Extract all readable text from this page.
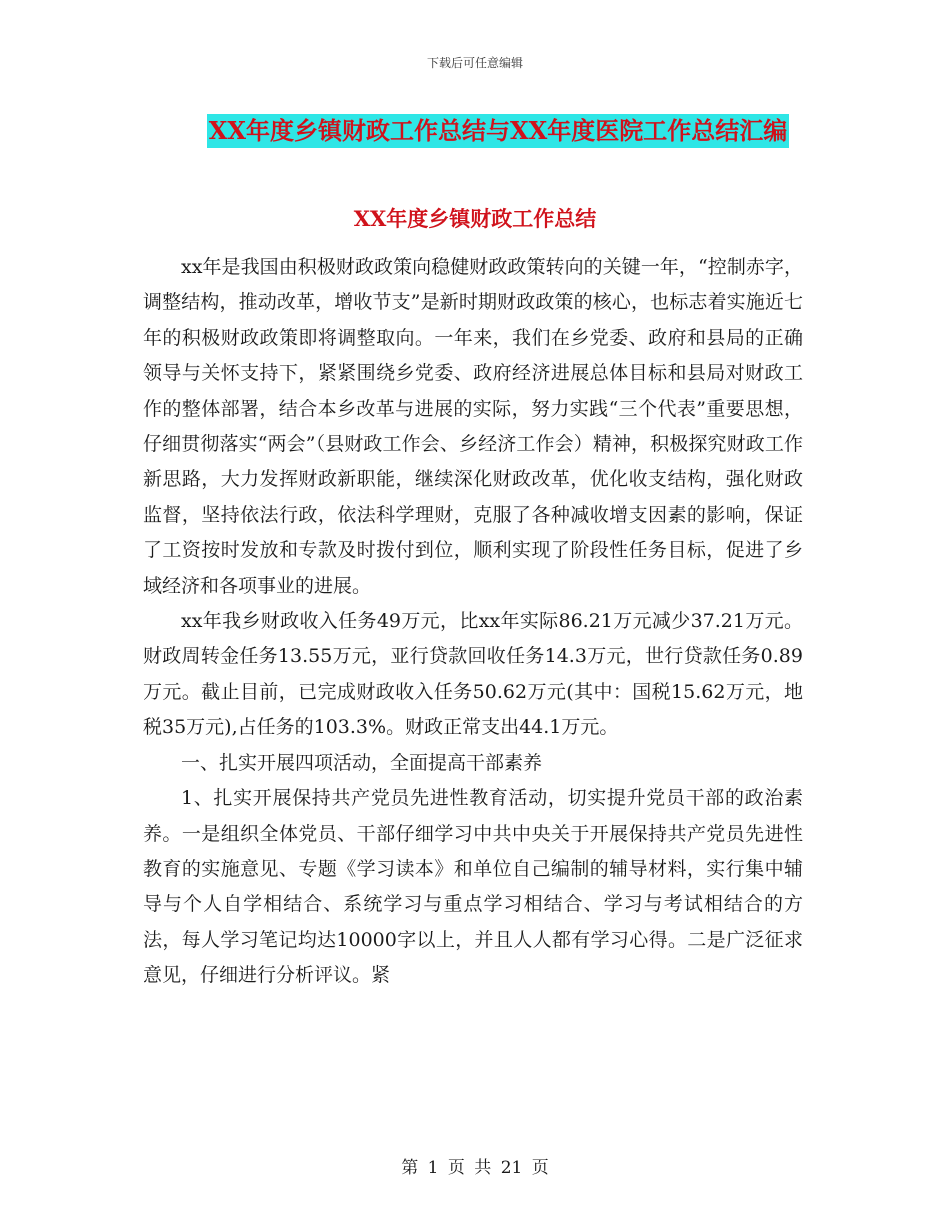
下载后可任意编辑
XX年度乡镇财政工作总结与XX年度医院工作总结汇编
XX年度乡镇财政工作总结

xx年是我国由积极财政政策向稳健财政政策转向的关键一年，“控制赤字，调整结构，推动改革，增收节支”是新时期财政政策的核心，也标志着实施近七年的积极财政政策即将调整取向。一年来，我们在乡党委、政府和县局的正确领导与关怀支持下，紧紧围绕乡党委、政府经济进展总体目标和县局对财政工作的整体部署，结合本乡改革与进展的实际，努力实践“三个代表”重要思想，仔细贯彻落实“两会”（县财政工作会、乡经济工作会）精神，积极探究财政工作新思路，大力发挥财政新职能，继续深化财政改革，优化收支结构，强化财政监督，坚持依法行政，依法科学理财，克服了各种减收增支因素的影响，保证了工资按时发放和专款及时拨付到位，顺利实现了阶段性任务目标，促进了乡域经济和各项事业的进展。

xx年我乡财政收入任务49万元，比xx年实际86.21万元减少37.21万元。财政周转金任务13.55万元，亚行贷款回收任务14.3万元，世行贷款任务0.89万元。截止目前，已完成财政收入任务50.62万元(其中：国税15.62万元，地税35万元),占任务的103.3%。财政正常支出44.1万元。

一、扎实开展四项活动，全面提高干部素养

1、扎实开展保持共产党员先进性教育活动，切实提升党员干部的政治素养。一是组织全体党员、干部仔细学习中共中央关于开展保持共产党员先进性教育的实施意见、专题《学习读本》和单位自己编制的辅导材料，实行集中辅导与个人自学相结合、系统学习与重点学习相结合、学习与考试相结合的方法，每人学习笔记均达10000字以上，并且人人都有学习心得。二是广泛征求意见，仔细进行分析评议。紧

第 1 页 共 21 页
